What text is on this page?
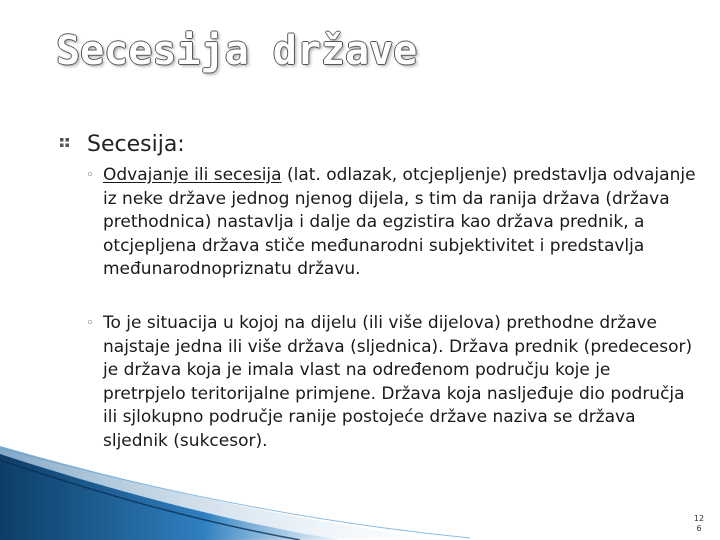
Secesija države
Secesija:
◦ Odvajanje ili secesija (lat. odlazak, otcjepljenje) predstavlja odvajanje iz neke države jednog njenog dijela, s tim da ranija država (država prethodnica) nastavlja i dalje da egzistira kao država prednik, a otcjepljena država stiče međunarodni subjektivitet i predstavlja međunarodnopriznatu državu.
◦ To je situacija u kojoj na dijelu (ili više dijelova) prethodne države najstaje jedna ili više država (sljednica). Država prednik (predecesor) je država koja je imala vlast na određenom području koje je pretrpjelo teritorijalne primjene. Država koja nasljeđuje dio područja ili sjlokupno područje ranije postojeće države naziva se država sljednik (sukcesor).
12
6
